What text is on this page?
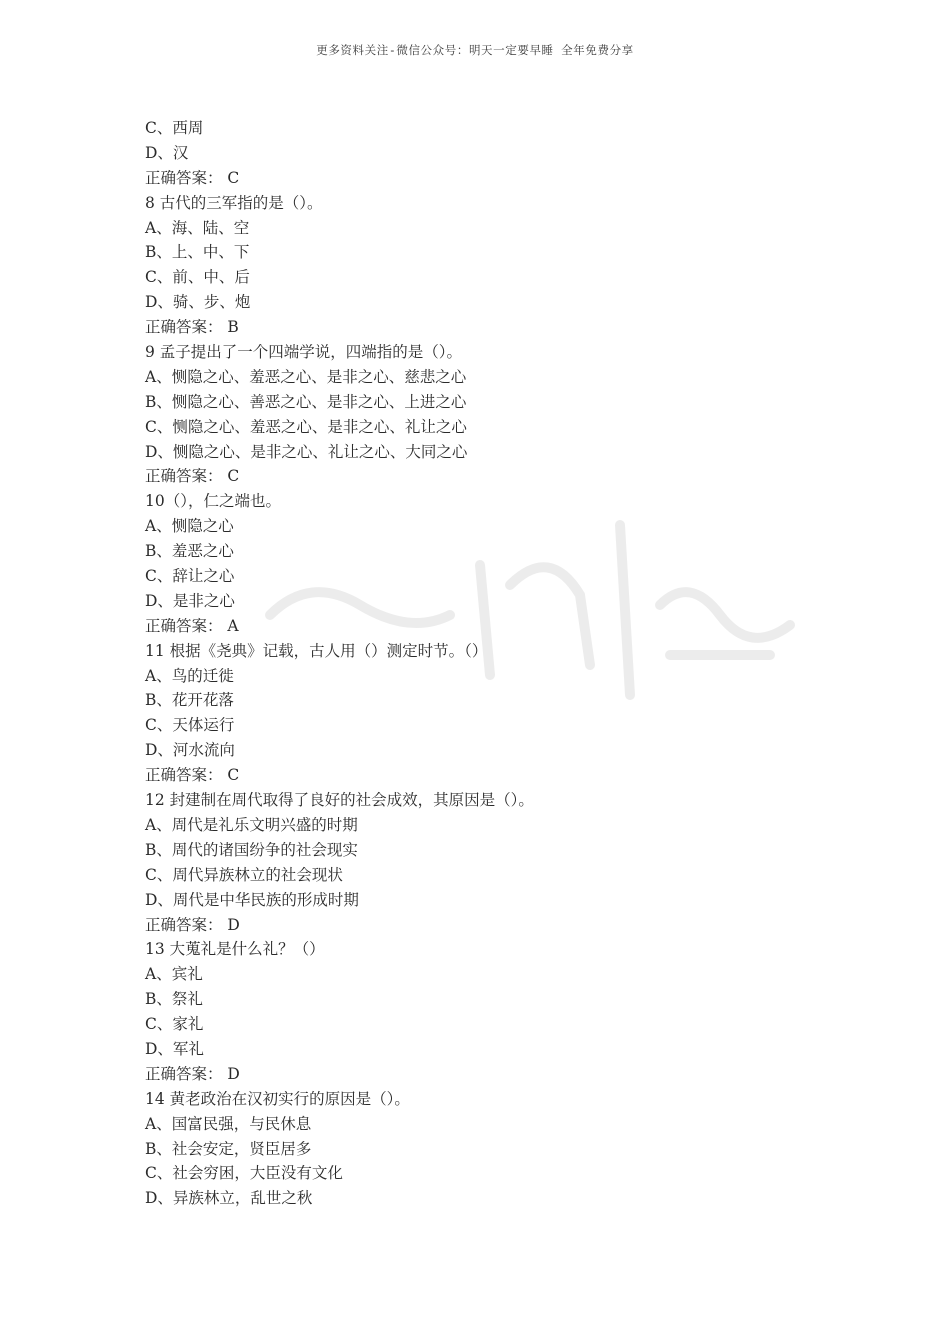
更多资料关注-微信公众号：明天一定要早睡 全年免费分享
C、西周
D、汉
正确答案： C
8 古代的三军指的是（）。
A、海、陆、空
B、上、中、下
C、前、中、后
D、骑、步、炮
正确答案： B
9 孟子提出了一个四端学说，四端指的是（）。
A、恻隐之心、羞恶之心、是非之心、慈悲之心
B、恻隐之心、善恶之心、是非之心、上进之心
C、恻隐之心、羞恶之心、是非之心、礼让之心
D、恻隐之心、是非之心、礼让之心、大同之心
正确答案： C
10（），仁之端也。
A、恻隐之心
B、羞恶之心
C、辞让之心
D、是非之心
正确答案： A
11 根据《尧典》记载，古人用（）测定时节。（）
A、鸟的迁徙
B、花开花落
C、天体运行
D、河水流向
正确答案： C
12 封建制在周代取得了良好的社会成效，其原因是（）。
A、周代是礼乐文明兴盛的时期
B、周代的诸国纷争的社会现实
C、周代异族林立的社会现状
D、周代是中华民族的形成时期
正确答案： D
13 大蒐礼是什么礼？（）
A、宾礼
B、祭礼
C、家礼
D、军礼
正确答案： D
14 黄老政治在汉初实行的原因是（）。
A、国富民强，与民休息
B、社会安定，贤臣居多
C、社会穷困，大臣没有文化
D、异族林立，乱世之秋
